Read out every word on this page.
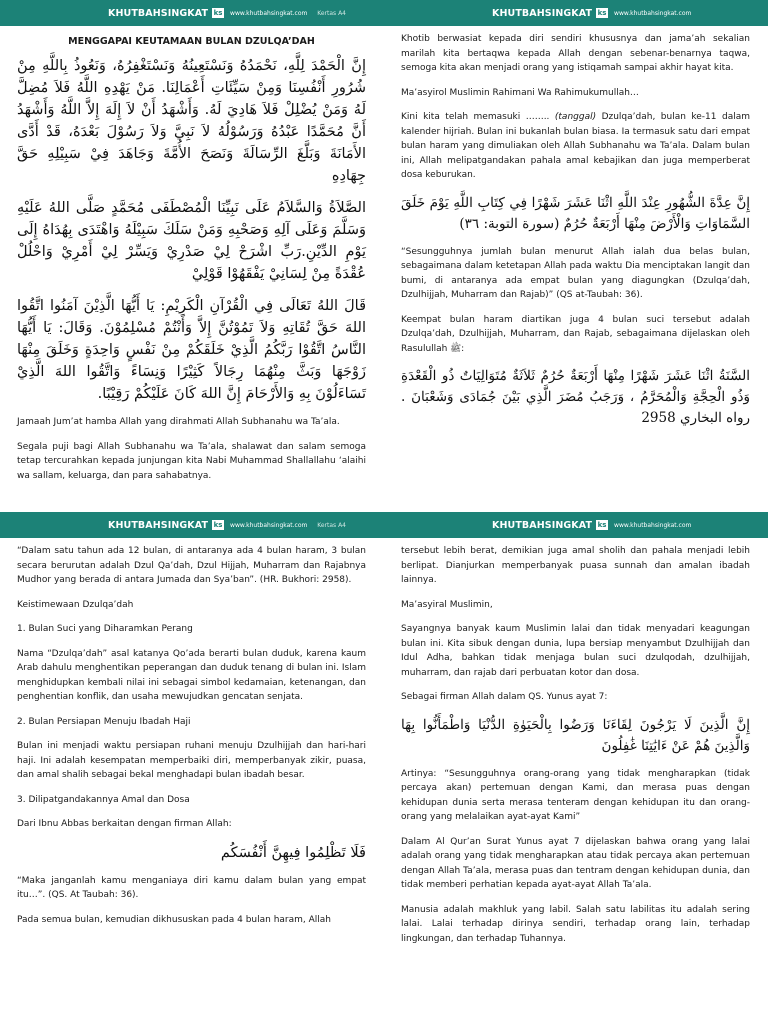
KHUTBAHSINGKAT ks www.khutbahsingkat.com Kertas A4
MENGGAPAI KEUTAMAAN BULAN DZULQA’DAH
إِنَّ الْحَمْدَ لِلَّهِ، نَحْمَدُهُ وَنَسْتَعِينُهُ وَنَسْتَغْفِرُهُ، وَنَعُوذُ بِاللَّهِ مِنْ شُرُورِ أَنْفُسِنَا وَمِنْ سَيِّئَاتِ أَعْمَالِنَا. مَنْ يَهْدِهِ اللَّهُ فَلاَ مُضِلَّ لَهُ وَمَنْ يُضْلِلْ فَلاَ هَادِيَ لَهُ. وَأَشْهَدُ أَنْ لاَ إِلَهَ إِلاَّ اللَّهُ وَأَشْهَدُ أَنَّ مُحَمَّدًا عَبْدُهُ وَرَسُوْلُهُ لاَ نَبِيَّ وَلاَ رَسُوْلَ بَعْدَهُ، قَدْ أَدَّى الأَمَانَةَ وَبَلَّغَ الرِّسَالَةَ وَنَصَحَ الأُمَّةَ وَجَاهَدَ فِيْ سَبِيْلِهِ حَقَّ جِهَادِهِ
الصَّلاَةُ وَالسَّلاَمُ عَلَى نَبِيِّنَا الْمُصْطَفَى مُحَمَّدٍ صَلَّى اللهُ عَلَيْهِ وَسَلَّمَ وَعَلَى آلِهِ وَصَحْبِهِ وَمَنْ سَلَكَ سَبِيْلَهُ وَاهْتَدَى بِهُدَاهُ إِلَى يَوْمِ الدِّيْنِ.رَبِّ اشْرَحْ لِيْ صَدْرِيْ وَيَسِّرْ لِيْ أَمْرِيْ وَاحْلُلْ عُقْدَةً مِنْ لِسَانِيْ يَفْقَهُوْا قَوْلِيْ
قَالَ اللهُ تَعَالَى فِي الْقُرْآنِ الْكَرِيْمِ: يَا أَيُّهَا الَّذِيْنَ آمَنُوا اتَّقُوا اللهَ حَقَّ تُقَاتِهِ وَلاَ تَمُوْتُنَّ إِلاَّ وَأَنْتُمْ مُسْلِمُوْنَ. وَقَالَ: يَا أَيُّهَا النَّاسُ اتَّقُوْا رَبَّكُمُ الَّذِيْ خَلَقَكُمْ مِنْ نَفْسٍ وَاحِدَةٍ وَخَلَقَ مِنْهَا زَوْجَهَا وَبَثَّ مِنْهُمَا رِجَالاً كَثِيْرًا وَنِسَاءً وَاتَّقُوا اللهَ الَّذِيْ تَسَاءَلُوْنَ بِهِ وَالأَرْحَامَ إِنَّ اللهَ كَانَ عَلَيْكُمْ رَقِيْبًا.

Jamaah Jum’at hamba Allah yang dirahmati Allah Subhanahu wa Ta’ala.

Segala puji bagi Allah Subhanahu wa Ta’ala, shalawat dan salam semoga tetap tercurahkan kepada junjungan kita Nabi Muhammad Shallallahu ‘alaihi wa sallam, keluarga, dan para sahabatnya.

KHUTBAHSINGKAT ks www.khutbahsingkat.com

Khotib berwasiat kepada diri sendiri khususnya dan jama’ah sekalian marilah kita bertaqwa kepada Allah dengan sebenar-benarnya taqwa, semoga kita akan menjadi orang yang istiqamah sampai akhir hayat kita.

Ma’asyirol Muslimin Rahimani Wa Rahimukumullah…

Kini kita telah memasuki …….. (tanggal) Dzulqa’dah, bulan ke-11 dalam kalender hijriah. Bulan ini bukanlah bulan biasa. Ia termasuk satu dari empat bulan haram yang dimuliakan oleh Allah Subhanahu wa Ta’ala. Dalam bulan ini, Allah melipatgandakan pahala amal kebajikan dan juga memperberat dosa keburukan.

إِنَّ عِدَّةَ الشُّهُورِ عِنْدَ اللَّهِ اثْنَا عَشَرَ شَهْرًا فِي كِتَابِ اللَّهِ يَوْمَ خَلَقَ السَّمَاوَاتِ وَالْأَرْضَ مِنْهَا أَرْبَعَةٌ حُرُمٌ (سورة التوبة: ٣٦)

“Sesungguhnya jumlah bulan menurut Allah ialah dua belas bulan, sebagaimana dalam ketetapan Allah pada waktu Dia menciptakan langit dan bumi, di antaranya ada empat bulan yang diagungkan (Dzulqa’dah, Dzulhijjah, Muharram dan Rajab)” (QS at-Taubah: 36).

Keempat bulan haram diartikan juga 4 bulan suci tersebut adalah Dzulqa’dah, Dzulhijjah, Muharram, dan Rajab, sebagaimana dijelaskan oleh Rasulullah ﷺ:

السَّنَةُ اثْنَا عَشَرَ شَهْرًا مِنْهَا أَرْبَعَةٌ حُرُمٌ ثَلاَثَةٌ مُتَوَالِيَاتٌ ذُو الْقَعْدَةِ وَذُو الْحِجَّةِ وَالْمُحَرَّمُ ، وَرَجَبُ مُضَرَ الَّذِي بَيْنَ جُمَادَى وَشَعْبَانَ . رواه البخاري 2958
KHUTBAHSINGKAT ks www.khutbahsingkat.com Kertas A4

“Dalam satu tahun ada 12 bulan, di antaranya ada 4 bulan haram, 3 bulan secara berurutan adalah Dzul Qa’dah, Dzul Hijjah, Muharram dan Rajabnya Mudhor yang berada di antara Jumada dan Sya’ban”. (HR. Bukhori: 2958).

Keistimewaan Dzulqa’dah

1. Bulan Suci yang Diharamkan Perang

Nama “Dzulqa’dah” asal katanya Qo’ada berarti bulan duduk, karena kaum Arab dahulu menghentikan peperangan dan duduk tenang di bulan ini. Islam menghidupkan kembali nilai ini sebagai simbol kedamaian, ketenangan, dan penghentian konflik, dan usaha mewujudkan gencatan senjata.

2. Bulan Persiapan Menuju Ibadah Haji

Bulan ini menjadi waktu persiapan ruhani menuju Dzulhijjah dan hari-hari haji. Ini adalah kesempatan memperbaiki diri, memperbanyak zikir, puasa, dan amal shalih sebagai bekal menghadapi bulan ibadah besar.

3. Dilipatgandakannya Amal dan Dosa

Dari Ibnu Abbas berkaitan dengan firman Allah:

فَلَا تَظْلِمُوا فِيهِنَّ أَنْفُسَكُم

“Maka janganlah kamu menganiaya diri kamu dalam bulan yang empat itu…”. (QS. At Taubah: 36).

Pada semua bulan, kemudian dikhususkan pada 4 bulan haram, Allah

KHUTBAHSINGKAT ks www.khutbahsingkat.com

tersebut lebih berat, demikian juga amal sholih dan pahala menjadi lebih berlipat. Dianjurkan memperbanyak puasa sunnah dan amalan ibadah lainnya.

Ma’asyiral Muslimin,

Sayangnya banyak kaum Muslimin lalai dan tidak menyadari keagungan bulan ini. Kita sibuk dengan dunia, lupa bersiap menyambut Dzulhijjah dan Idul Adha, bahkan tidak menjaga bulan suci dzulqodah, dzulhijjah, muharram, dan rajab dari perbuatan kotor dan dosa.

Sebagai firman Allah dalam QS. Yunus ayat 7:

إِنَّ الَّذِينَ لَا يَرْجُونَ لِقَاءَنَا وَرَضُوا بِالْحَيَوٰةِ الدُّنْيَا وَاطْمَأَنُّوا بِهَا وَالَّذِينَ هُمْ عَنْ ءَايَٰتِنَا غَٰفِلُونَ

Artinya: “Sesungguhnya orang-orang yang tidak mengharapkan (tidak percaya akan) pertemuan dengan Kami, dan merasa puas dengan kehidupan dunia serta merasa tenteram dengan kehidupan itu dan orang-orang yang melalaikan ayat-ayat Kami”

Dalam Al Qur’an Surat Yunus ayat 7 dijelaskan bahwa orang yang lalai adalah orang yang tidak mengharapkan atau tidak percaya akan pertemuan dengan Allah Ta’ala, merasa puas dan tentram dengan kehidupan dunia, dan tidak memberi perhatian kepada ayat-ayat Allah Ta’ala.

Manusia adalah makhluk yang labil. Salah satu labilitas itu adalah sering lalai. Lalai terhadap dirinya sendiri, terhadap orang lain, terhadap lingkungan, dan terhadap Tuhannya.
